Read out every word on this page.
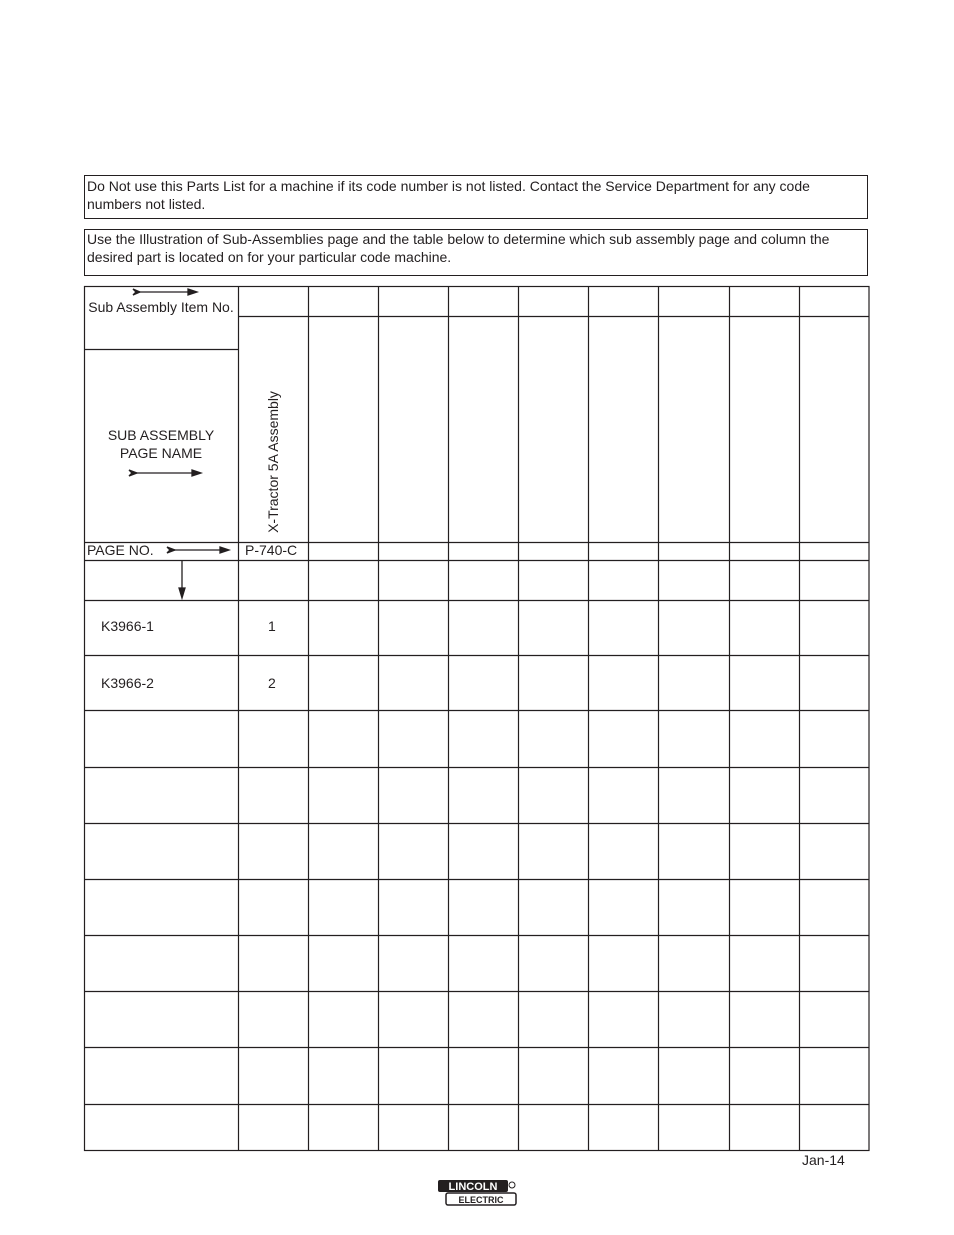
Do Not use this Parts List for a machine if its code number is not listed. Contact the Service Department for any code numbers not listed.
Use the Illustration of Sub-Assemblies page and the table below to determine which sub assembly page and column the desired part is located on for your particular code machine.
Sub Assembly Item No.
SUB ASSEMBLY PAGE NAME
PAGE NO.
X-Tractor 5A Assembly
P-740-C
K3966-1	1
K3966-2	2
Jan-14
LINCOLN
ELECTRIC
